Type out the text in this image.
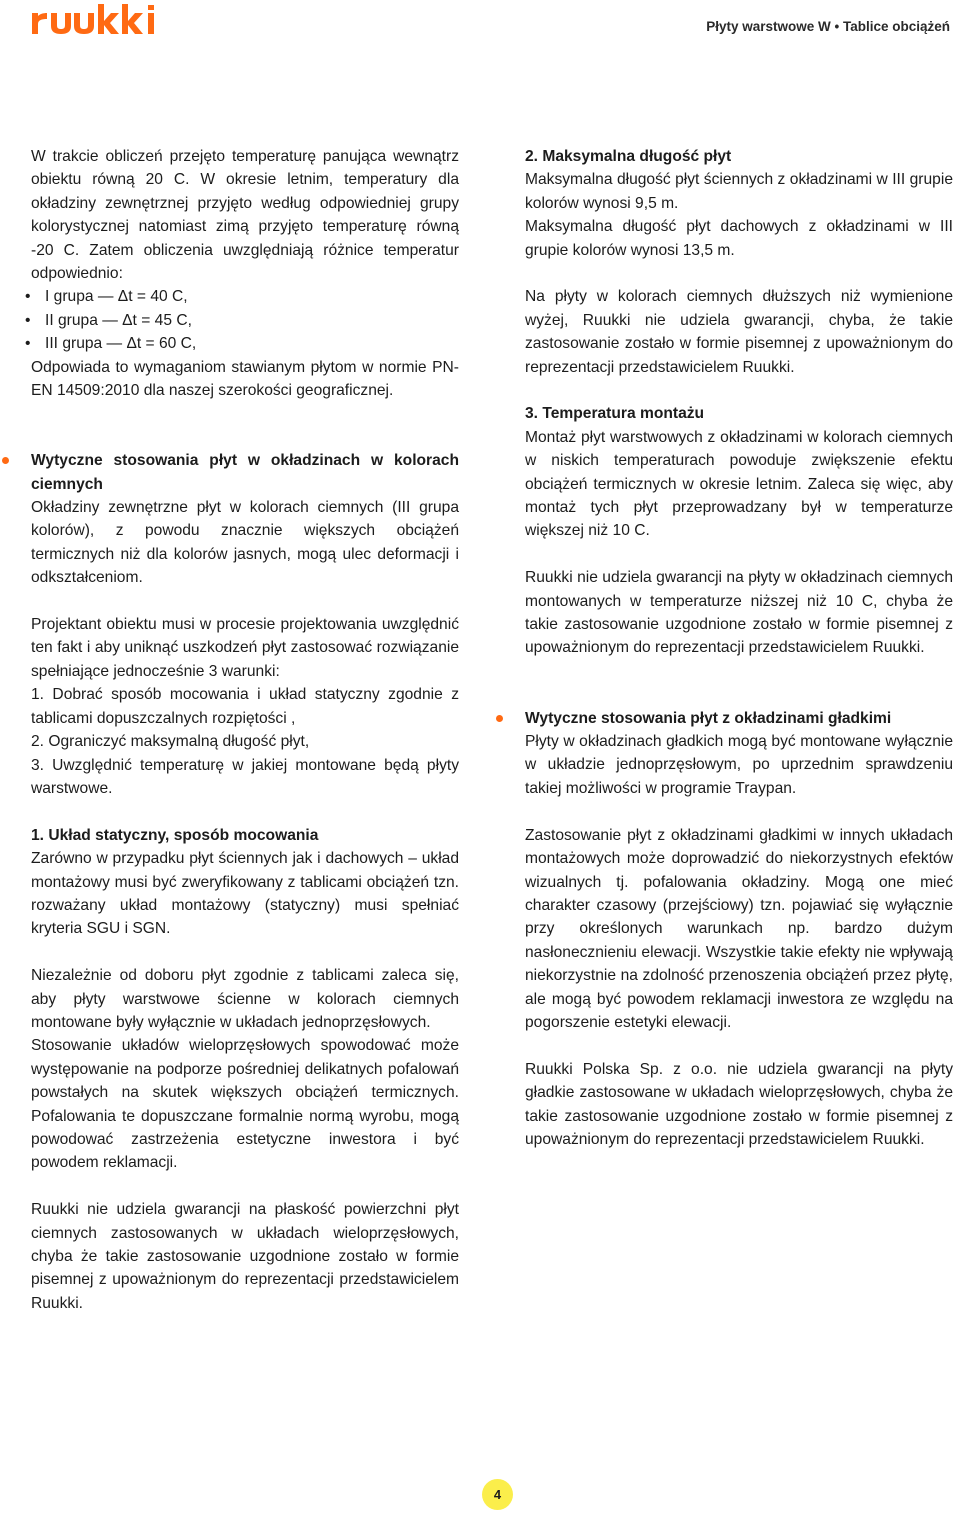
Płyty warstwowe W • Tablice obciążeń

W trakcie obliczeń przejęto temperaturę panująca wewnątrz obiektu równą 20 C. W okresie letnim, temperatury dla okładziny zewnętrznej przyjęto według odpowiedniej grupy kolorystycznej natomiast zimą przyjęto temperaturę równą -20 C. Zatem obliczenia uwzględniają różnice temperatur odpowiednio:

• I grupa — Δt = 40 C,
• II grupa — Δt = 45 C,
• III grupa — Δt = 60 C,

Odpowiada to wymaganiom stawianym płytom w normie PN-EN 14509:2010 dla naszej szerokości geograficznej.

Wytyczne stosowania płyt w okładzinach w kolorach ciemnych

Okładziny zewnętrzne płyt w kolorach ciemnych (III grupa kolorów), z powodu znacznie większych obciążeń termicznych niż dla kolorów jasnych, mogą ulec deformacji i odkształceniom.

Projektant obiektu musi w procesie projektowania uwzględnić ten fakt i aby uniknąć uszkodzeń płyt zastosować rozwiązanie spełniające jednocześnie 3 warunki:

1. Dobrać sposób mocowania i układ statyczny zgodnie z tablicami dopuszczalnych rozpiętości ,

2. Ograniczyć maksymalną długość płyt,

3. Uwzględnić temperaturę w jakiej montowane będą płyty warstwowe.

1. Układ statyczny, sposób mocowania

Zarówno w przypadku płyt ściennych jak i dachowych – układ montażowy musi być zweryfikowany z tablicami obciążeń tzn. rozważany układ montażowy (statyczny) musi spełniać kryteria SGU i SGN.

Niezależnie od doboru płyt zgodnie z tablicami zaleca się, aby płyty warstwowe ścienne w kolorach ciemnych montowane były wyłącznie w układach jednoprzęsłowych.

Stosowanie układów wieloprzęsłowych spowodować może występowanie na podporze pośredniej delikatnych pofalowań powstałych na skutek większych obciążeń termicznych. Pofalowania te dopuszczane formalnie normą wyrobu, mogą powodować zastrzeżenia estetyczne inwestora i być powodem reklamacji.

Ruukki nie udziela gwarancji na płaskość powierzchni płyt ciemnych zastosowanych w układach wieloprzęsłowych, chyba że takie zastosowanie uzgodnione zostało w formie pisemnej z upoważnionym do reprezentacji przedstawicielem Ruukki.

2. Maksymalna długość płyt

Maksymalna długość płyt ściennych z okładzinami w III grupie kolorów wynosi 9,5 m.

Maksymalna długość płyt dachowych z okładzinami w III grupie kolorów wynosi 13,5 m.

Na płyty w kolorach ciemnych dłuższych niż wymienione wyżej, Ruukki nie udziela gwarancji, chyba, że takie zastosowanie zostało w formie pisemnej z upoważnionym do reprezentacji przedstawicielem Ruukki.

3. Temperatura montażu

Montaż płyt warstwowych z okładzinami w kolorach ciemnych w niskich temperaturach powoduje zwiększenie efektu obciążeń termicznych w okresie letnim. Zaleca się więc, aby montaż tych płyt przeprowadzany był w temperaturze większej niż 10 C.

Ruukki nie udziela gwarancji na płyty w okładzinach ciemnych montowanych w temperaturze niższej niż 10 C, chyba że takie zastosowanie uzgodnione zostało w formie pisemnej z upoważnionym do reprezentacji przedstawicielem Ruukki.

Wytyczne stosowania płyt z okładzinami gładkimi

Płyty w okładzinach gładkich mogą być montowane wyłącznie w układzie jednoprzęsłowym, po uprzednim sprawdzeniu takiej możliwości w programie Traypan.

Zastosowanie płyt z okładzinami gładkimi w innych układach montażowych może doprowadzić do niekorzystnych efektów wizualnych tj. pofalowania okładziny. Mogą one mieć charakter czasowy (przejściowy) tzn. pojawiać się wyłącznie przy określonych warunkach np. bardzo dużym nasłonecznieniu elewacji. Wszystkie takie efekty nie wpływają niekorzystnie na zdolność przenoszenia obciążeń przez płytę, ale mogą być powodem reklamacji inwestora ze względu na pogorszenie estetyki elewacji.

Ruukki Polska Sp. z o.o. nie udziela gwarancji na płyty gładkie zastosowane w układach wieloprzęsłowych, chyba że takie zastosowanie uzgodnione zostało w formie pisemnej z upoważnionym do reprezentacji przedstawicielem Ruukki.

4
